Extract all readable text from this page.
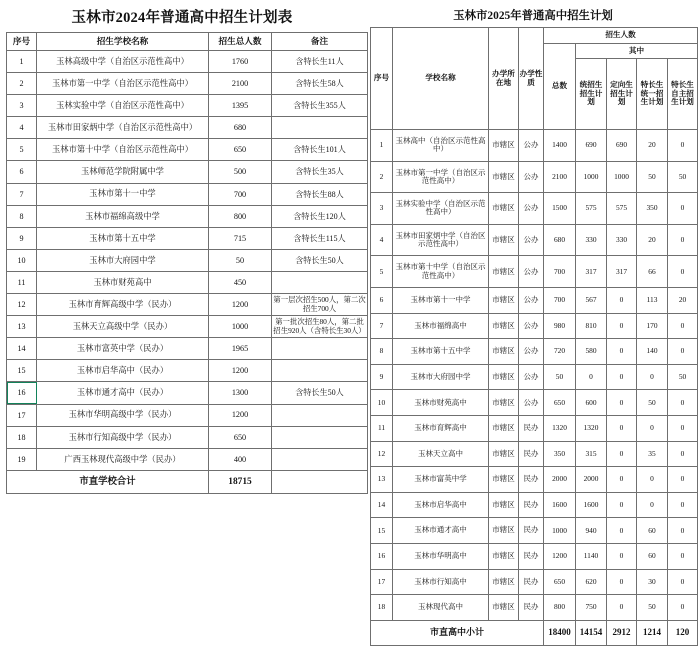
玉林市2024年普通高中招生计划表
序号	招生学校名称	招生总人数	备注
1	玉林高级中学（自治区示范性高中）	1760	含特长生11人
2	玉林市第一中学（自治区示范性高中）	2100	含特长生58人
3	玉林实验中学（自治区示范性高中）	1395	含特长生355人
4	玉林市田家炳中学（自治区示范性高中）	680	
5	玉林市第十中学（自治区示范性高中）	650	含特长生101人
6	玉林师范学院附属中学	500	含特长生35人
7	玉林市第十一中学	700	含特长生88人
8	玉林市福绵高级中学	800	含特长生120人
9	玉林市第十五中学	715	含特长生115人
10	玉林市大府园中学	50	含特长生50人
11	玉林市财苑高中	450	
12	玉林市育辉高级中学（民办）	1200	第一层次招生500人，第二次招生700人
13	玉林天立高级中学（民办）	1000	第一批次招生80人，第二批招生920人（含特长生30人）
14	玉林市富英中学（民办）	1965	
15	玉林市启华高中（民办）	1200	
16	玉林市通才高中（民办）	1300	含特长生50人
17	玉林市华明高级中学（民办）	1200	
18	玉林市行知高级中学（民办）	650	
19	广西玉林现代高级中学（民办）	400	
市直学校合计		18715	
玉林市2025年普通高中招生计划
序号	学校名称	办学所在地	办学性质	招生人数				
				总数	其中			

					统招生招生计划	定向生招生计划	特长生统一招生计划	特长生自主招生计划

1	玉林高中（自治区示范性高中）	市辖区	公办	1400	690	690	20	0
2	玉林市第一中学（自治区示范性高中）	市辖区	公办	2100	1000	1000	50	50
3	玉林实验中学（自治区示范性高中）	市辖区	公办	1500	575	575	350	0
4	玉林市田家炳中学（自治区示范性高中）	市辖区	公办	680	330	330	20	0
5	玉林市第十中学（自治区示范性高中）	市辖区	公办	700	317	317	66	0
6	玉林市第十一中学	市辖区	公办	700	567	0	113	20
7	玉林市福绵高中	市辖区	公办	980	810	0	170	0
8	玉林市第十五中学	市辖区	公办	720	580	0	140	0
9	玉林市大府园中学	市辖区	公办	50	0	0	0	50
10	玉林市财苑高中	市辖区	公办	650	600	0	50	0
11	玉林市育辉高中	市辖区	民办	1320	1320	0	0	0
12	玉林天立高中	市辖区	民办	350	315	0	35	0
13	玉林市富英中学	市辖区	民办	2000	2000	0	0	0
14	玉林市启华高中	市辖区	民办	1600	1600	0	0	0
15	玉林市通才高中	市辖区	民办	1000	940	0	60	0
16	玉林市华明高中	市辖区	民办	1200	1140	0	60	0
17	玉林市行知高中	市辖区	民办	650	620	0	30	0
18	玉林现代高中	市辖区	民办	800	750	0	50	0
市直高中小计				18400	14154	2912	1214	120
